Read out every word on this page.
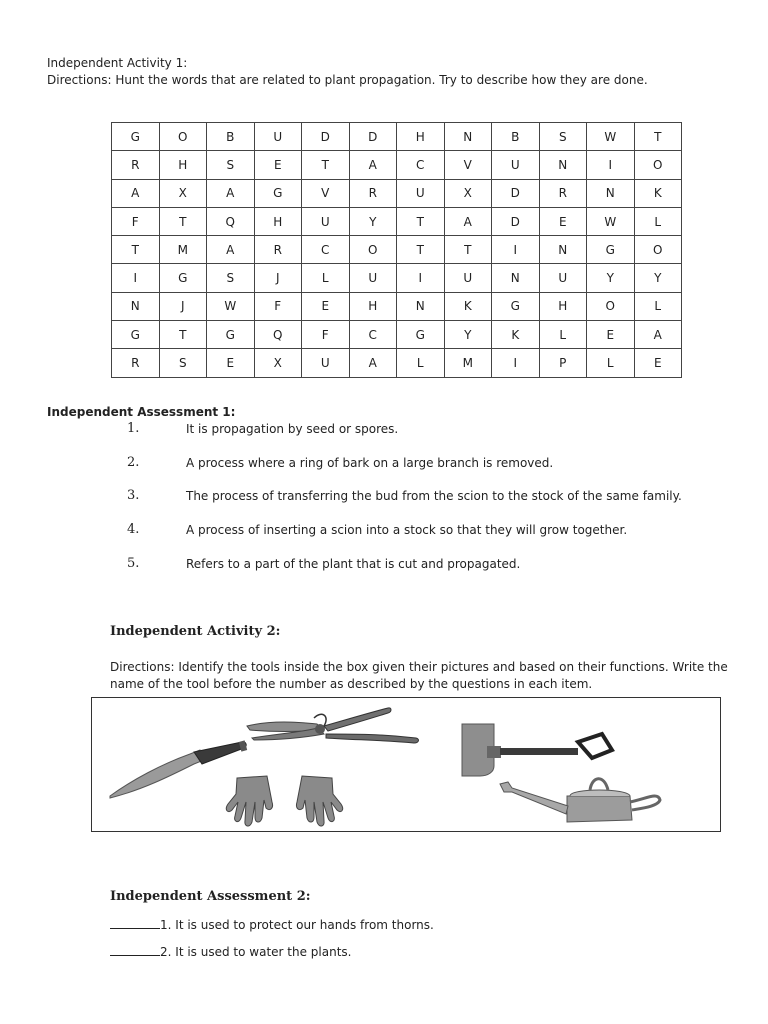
Independent Activity 1:
Directions: Hunt the words that are related to plant propagation. Try to describe how they are done.
G	O	B	U	D	D	H	N	B	S	W	T
R	H	S	E	T	A	C	V	U	N	I	O
A	X	A	G	V	R	U	X	D	R	N	K
F	T	Q	H	U	Y	T	A	D	E	W	L
T	M	A	R	C	O	T	T	I	N	G	O
I	G	S	J	L	U	I	U	N	U	Y	Y
N	J	W	F	E	H	N	K	G	H	O	L
G	T	G	Q	F	C	G	Y	K	L	E	A
R	S	E	X	U	A	L	M	I	P	L	E
Independent Assessment 1:
1.	It is propagation by seed or spores.
2.	A process where a ring of bark on a large branch is removed.
3.	The process of transferring the bud from the scion to the stock of the same family.
4.	A process of inserting a scion into a stock so that they will grow together.
5.	Refers to a part of the plant that is cut and propagated.
Independent Activity 2:
Directions: Identify the tools inside the box given their pictures and based on their functions. Write the
name of the tool before the number as described by the questions in each item.
Independent Assessment 2:
1. It is used to protect our hands from thorns.
2. It is used to water the plants.
